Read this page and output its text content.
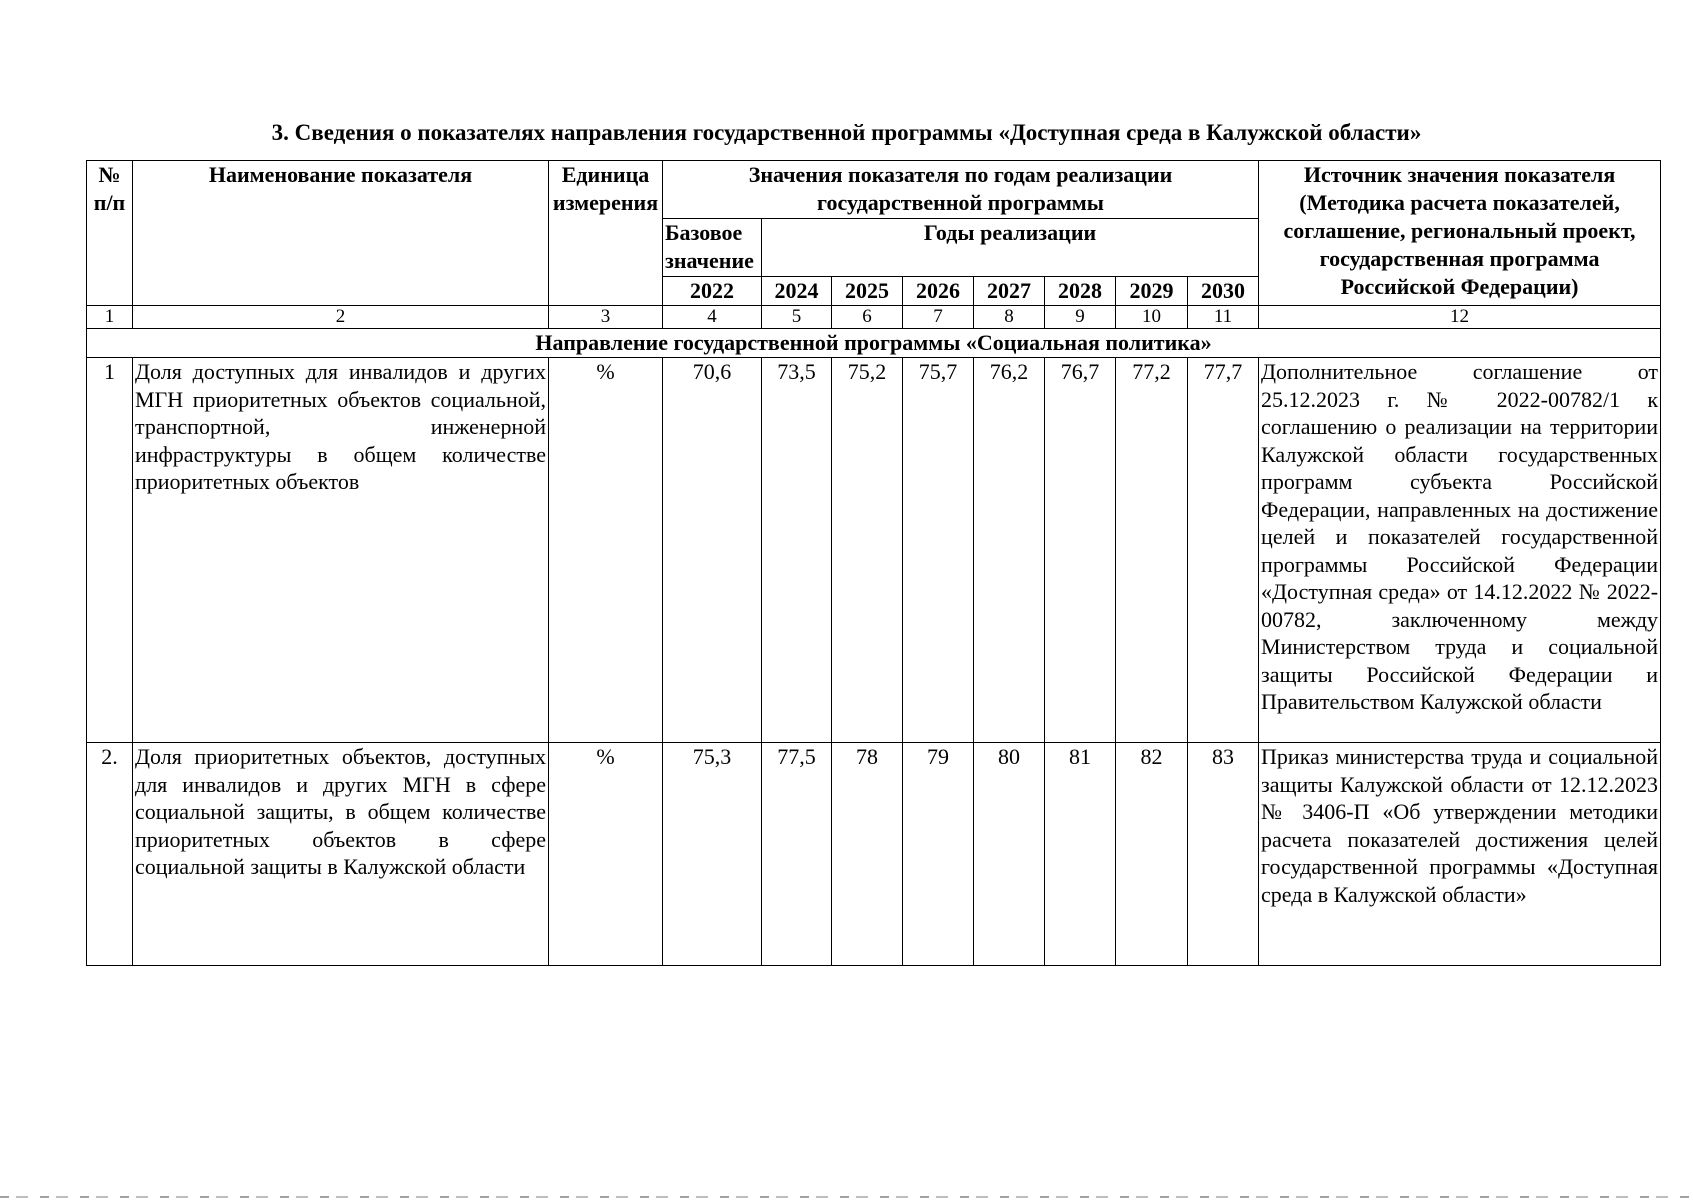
3. Сведения о показателях направления государственной программы «Доступная среда в Калужской области»
№ п/п	Наименование показателя	Единица измерения	Значения показателя по годам реализации государственной программы								Источник значения показателя (Методика расчета показателей, соглашение, региональный проект, государственная программа Российской Федерации)
			Базовое значение	Годы реализации							
			2022	2024	2025	2026	2027	2028	2029	2030	
1	2	3	4	5	6	7	8	9	10	11	12
Направление государственной программы «Социальная политика»											
1	Доля доступных для инвалидов и других МГН приоритетных объектов социальной, транспортной, инженерной инфраструктуры в общем количестве приоритетных объектов	%	70,6	73,5	75,2	75,7	76,2	76,7	77,2	77,7	Дополнительное соглашение от 25.12.2023 г. № 2022-00782/1 к соглашению о реализации на территории Калужской области государственных программ субъекта Российской Федерации, направленных на достижение целей и показателей государственной программы Российской Федерации «Доступная среда» от 14.12.2022 № 2022-00782, заключенному между Министерством труда и социальной защиты Российской Федерации и Правительством Калужской области
2.	Доля приоритетных объектов, доступных для инвалидов и других МГН в сфере социальной защиты, в общем количестве приоритетных объектов в сфере социальной защиты в Калужской области	%	75,3	77,5	78	79	80	81	82	83	Приказ министерства труда и социальной защиты Калужской области от 12.12.2023 № 3406-П «Об утверждении методики расчета показателей достижения целей государственной программы «Доступная среда в Калужской области»
